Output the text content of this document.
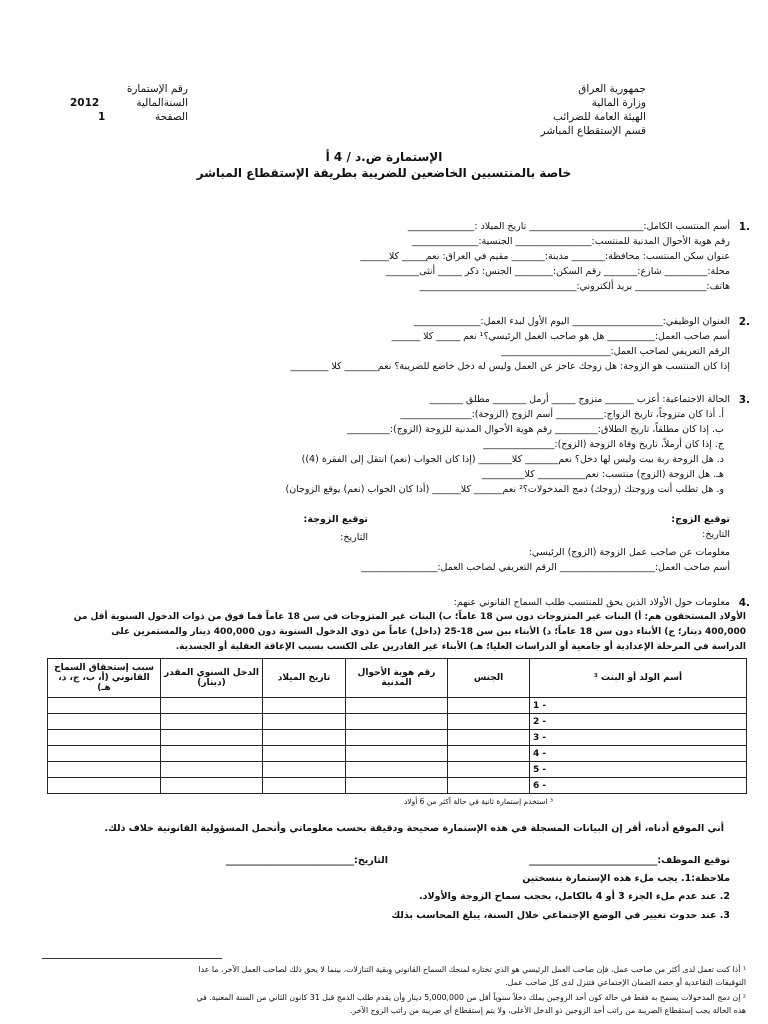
جمهورية العراق
وزارة المالية
الهيئة العامة للضرائب
قسم الإستقطاع المباشر
رقم الإستمارة
السنةالمالية
الصفحة
2012
1
الإستمارة ض.د / 4 أ
خاصة بالمنتسبين الخاضعين للضريبة بطريقة الإستقطاع المباشر
1.
أسم المنتسب الكامل:________________________ تاريخ الميلاد :______________
رقم هوية الأحوال المدنية للمنتسب:________________ الجنسية:______________
عنوان سكن المنتسب: محافظة:_______ مدينة:_______ مقيم في العراق: نعم_____ كلا______
محلة:_________ شارع:_______ رقم السكن:________ الجنس: ذكر _____ أنثى_______
هاتف:_______________ بريد ألكتروني:_________________________________
2.
العنوان الوظيفي:___________________ اليوم الأول لبدء العمل:______________
أسم صاحب العمل:__________ هل هو صاحب العمل الرئيسي؟¹ نعم _____ كلا ______
الرقم التعريفي لصاحب العمل:_______________________
إذا كان المنتسب هو الزوجة: هل زوجك عاجز عن العمل وليس له دخل خاضع للضريبة؟ نعم_______ كلا ________
3.
الحالة الاجتماعية: أعزب ______ متزوج _____ أرمل _______ مطلق _______
أ. أذا كان متزوجاً، تاريخ الزواج:__________ أسم الزوج (الزوجة):_______________
ب. إذا كان مطلقاً، تاريخ الطلاق:_________ رقم هوية الأحوال المدنية للزوجة (الزوج):_________
ج. إذا كان أرملاً، تاريخ وفاة الزوجة (الزوج):_______________
د. هل الزوجة ربة بيت وليس لها دخل؟ نعم_______ كلا_______ (إذا كان الجواب (نعم) انتقل إلى الفقرة (4))
هـ. هل الزوجة (الزوج) منتسب: نعم__________ كلا_________
و. هل تطلب أنت وزوجتك (زوجك) دمج المدخولات؟² نعم______ كلا______ (أذا كان الجواب (نعم) يوقع الزوجان)
توقيع الزوج:
توقيع الزوجة:
التاريخ:
التاريخ:
معلومات عن صاحب عمل الزوجة (الزوج) الرئيسي:
أسم صاحب العمل:____________________ الرقم التعريفي لصاحب العمل:________________
4.
معلومات حول الأولاد الذين يحق للمنتسب طلب السماح القانوني عنهم:
الأولاد المستحقون هم: أ) البنات غير المتزوجات دون سن 18 عاماً؛ ب) البنات غير المتزوجات في سن 18 عاماً فما فوق من ذوات الدخول السنوية أقل من
400,000 دينار؛ ج) الأبناء دون سن 18 عاماً؛ د) الأبناء بين سن 18-25 (داخل) عاماً من ذوي الدخول السنوية دون 400,000 دينار والمستمرين على
الدراسة في المرحلة الإعدادية أو جامعية أو الدراسات العليا؛ هـ) الأبناء غير القادرين على الكسب بسبب الإعاقة العقلية أو الجسدية.
أسم الولد أو البنت ³	الجنس	رقم هوية الأحوال المدنية	تاريخ الميلاد	الدخل السنوي المقدر (دينار)	سبب إستحقاق السماح القانوني (أ، ب، ج، د، هـ)
1 -					
2 -					
3 -					
4 -					
5 -					
6 -					
³ استخدم إستمارة ثانية في حالة أكثر من 6 أولاد
أني الموقع أدناه، أقر إن البيانات المسجلة في هذه الإستمارة صحيحة ودقيقة بحسب معلوماتي وأتحمل المسؤولية القانونية خلاف ذلك.
توقيع الموظف:___________________________
التاريخ:___________________________
ملاحظة:1. يجب ملء هذه الإستمارة بنسختين
2. عند عدم ملء الجزء 3 أو 4 بالكامل، يحجب سماح الزوجة والأولاد.
3. عند حدوث تغيير في الوضع الإجتماعي خلال السنة، يبلغ المحاسب بذلك
¹ أذا كنت تعمل لدى أكثر من صاحب عمل، فإن صاحب العمل الرئيسي هو الذي تختاره لمنحك السماح القانوني وبقية التنازلات، بينما لا يحق ذلك لصاحب العمل الآخر، ما عدا
التوقيفات التقاعدية أو حصة الضمان الإجتماعي فتنزل لدى كل صاحب عمل.
² إن دمج المدخولات يسمح به فقط في حالة كون أحد الزوجين يملك دخلاً سنوياً أقل من 5,000,000 دينار وأن يقدم طلب الدمج قبل 31 كانون الثاني من السنة المعنية. في
هذه الحالة يجب إستقطاع الضريبة من راتب أحد الزوجين ذو الدخل الأعلى، ولا يتم إستقطاع أي ضريبة من راتب الزوج الآخر.
